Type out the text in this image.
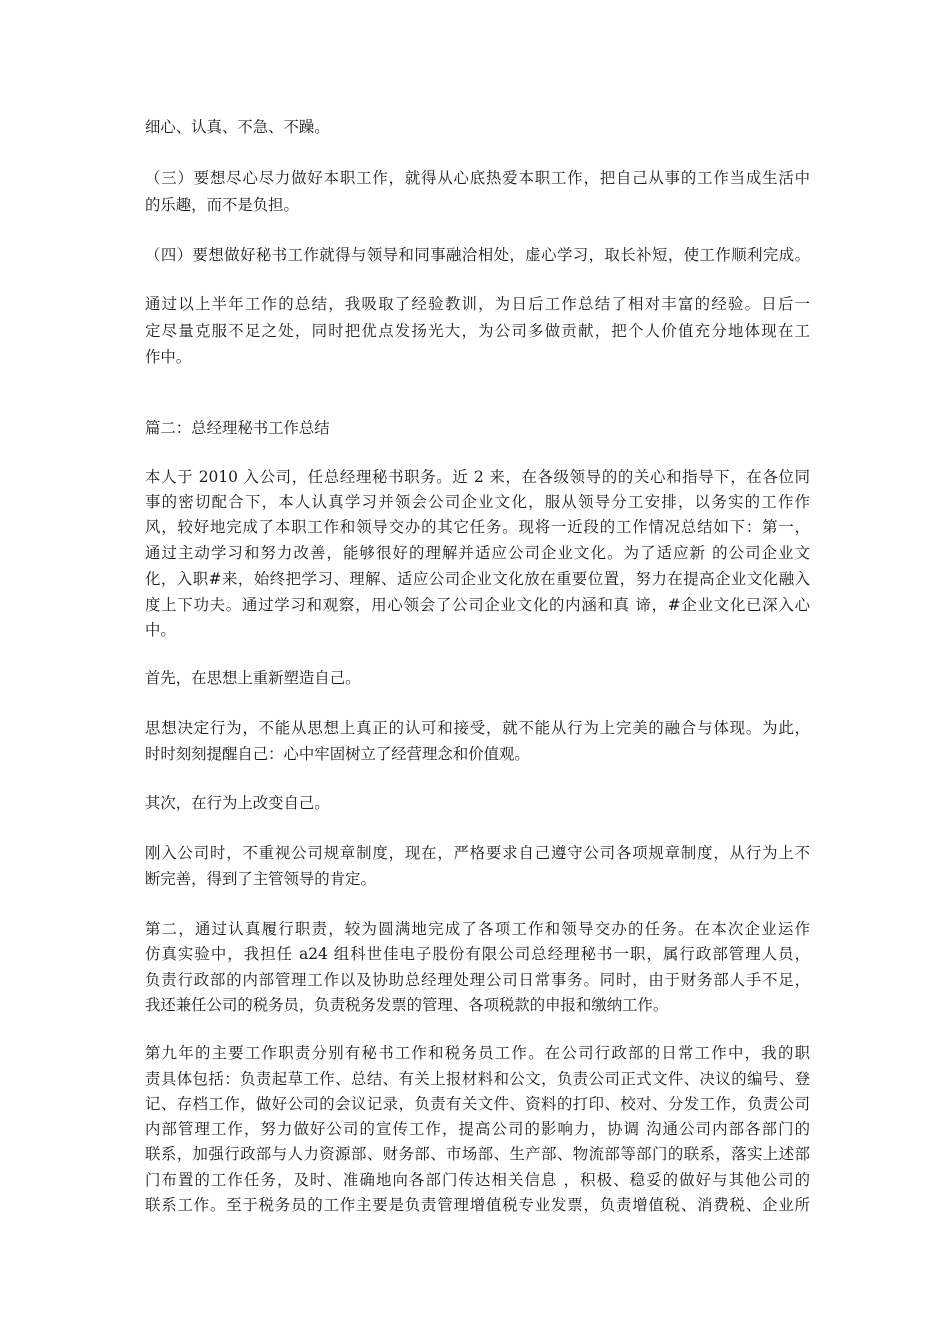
细心、认真、不急、不躁。
（三）要想尽心尽力做好本职工作，就得从心底热爱本职工作，把自己从事的工作当成生活中
的乐趣，而不是负担。
（四）要想做好秘书工作就得与领导和同事融洽相处，虚心学习，取长补短，使工作顺利完成。
通过以上半年工作的总结，我吸取了经验教训，为日后工作总结了相对丰富的经验。日后一
定尽量克服不足之处，同时把优点发扬光大，为公司多做贡献，把个人价值充分地体现在工
作中。
篇二：总经理秘书工作总结
本人于 2010 入公司，任总经理秘书职务。近 2 来，在各级领导的的关心和指导下，在各位同
事的密切配合下，本人认真学习并领会公司企业文化，服从领导分工安排，以务实的工作作
风，较好地完成了本职工作和领导交办的其它任务。现将一近段的工作情况总结如下：第一，
通过主动学习和努力改善，能够很好的理解并适应公司企业文化。为了适应新 的公司企业文
化，入职#来，始终把学习、理解、适应公司企业文化放在重要位置，努力在提高企业文化融入
度上下功夫。通过学习和观察，用心领会了公司企业文化的内涵和真 谛，#企业文化已深入心
中。
首先，在思想上重新塑造自己。
思想决定行为，不能从思想上真正的认可和接受，就不能从行为上完美的融合与体现。为此，
时时刻刻提醒自己：心中牢固树立了经营理念和价值观。
其次，在行为上改变自己。
刚入公司时，不重视公司规章制度，现在，严格要求自己遵守公司各项规章制度，从行为上不
断完善，得到了主管领导的肯定。
第二，通过认真履行职责，较为圆满地完成了各项工作和领导交办的任务。在本次企业运作
仿真实验中，我担任 a24 组科世佳电子股份有限公司总经理秘书一职，属行政部管理人员，
负责行政部的内部管理工作以及协助总经理处理公司日常事务。同时，由于财务部人手不足，
我还兼任公司的税务员，负责税务发票的管理、各项税款的申报和缴纳工作。
第九年的主要工作职责分别有秘书工作和税务员工作。在公司行政部的日常工作中，我的职
责具体包括：负责起草工作、总结、有关上报材料和公文，负责公司正式文件、决议的编号、登
记、存档工作，做好公司的会议记录，负责有关文件、资料的打印、校对、分发工作，负责公司
内部管理工作，努力做好公司的宣传工作，提高公司的影响力，协调 沟通公司内部各部门的
联系，加强行政部与人力资源部、财务部、市场部、生产部、物流部等部门的联系，落实上述部
门布置的工作任务，及时、准确地向各部门传达相关信息 ，积极、稳妥的做好与其他公司的
联系工作。至于税务员的工作主要是负责管理增值税专业发票，负责增值税、消费税、企业所
